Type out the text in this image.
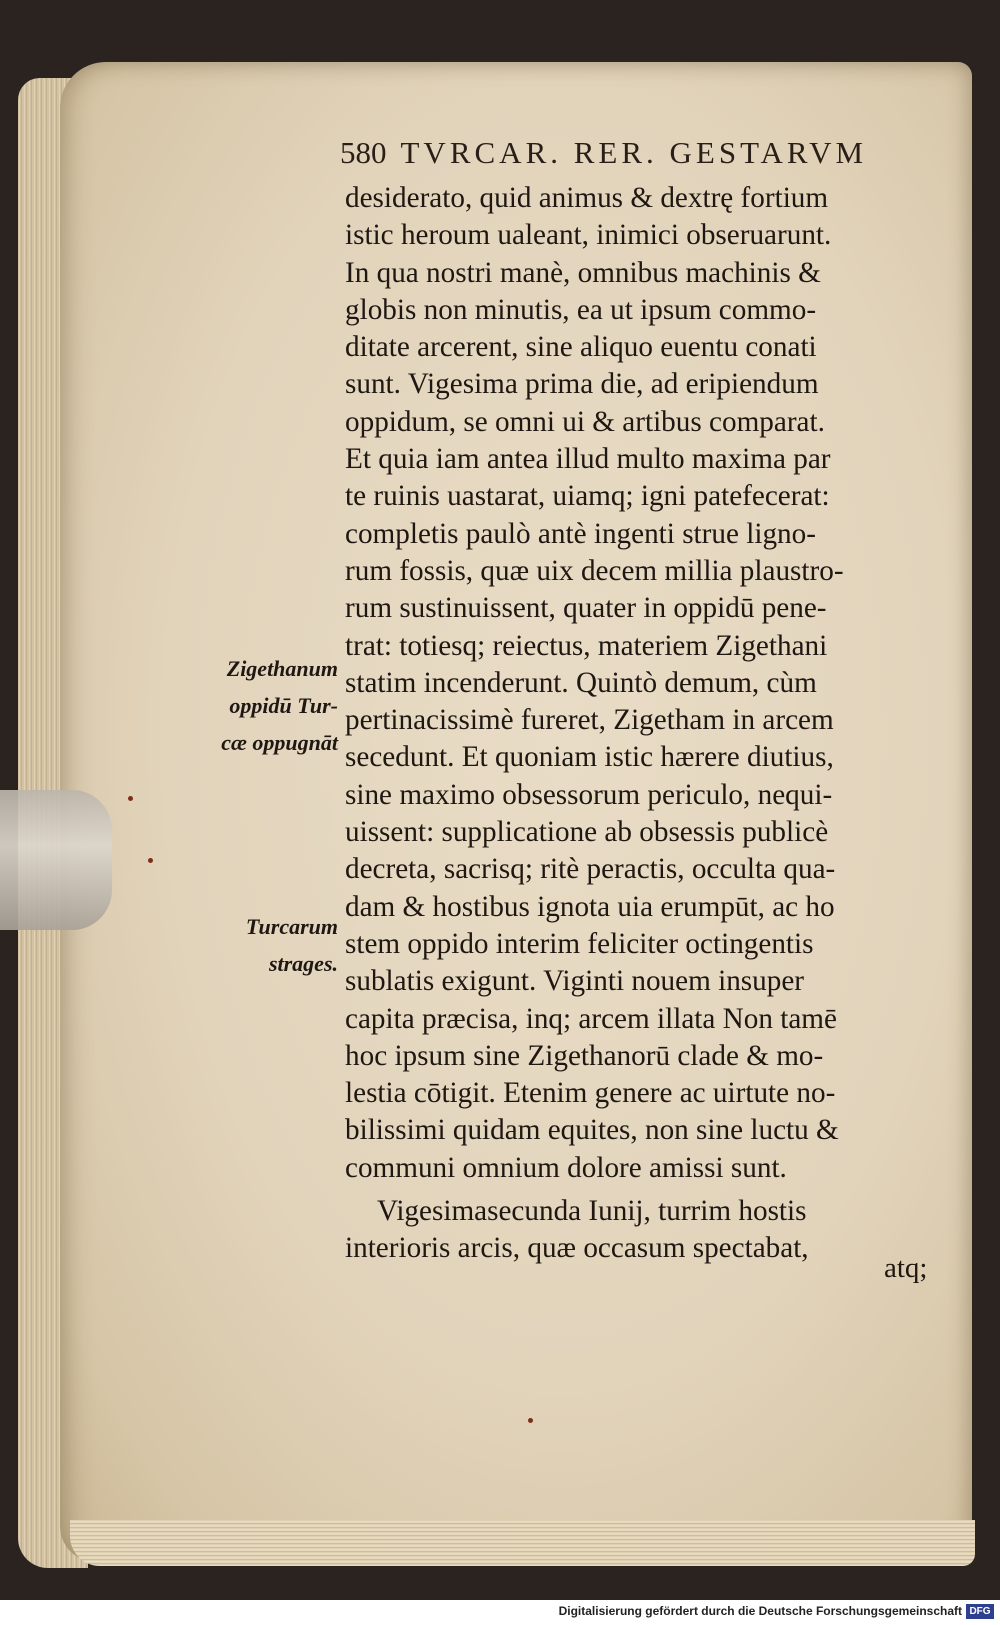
580 TVRCAR. RER. GESTARVM
Zigethanum
oppidū Tur-
cæ oppugnāt
Turcarum
strages.
desiderato, quid animus & dextrę fortium
istic heroum ualeant, inimici obseruarunt.
In qua nostri manè, omnibus machinis &
globis non minutis, ea ut ipsum commo-
ditate arcerent, sine aliquo euentu conati
sunt. Vigesima prima die, ad eripiendum
oppidum, se omni ui & artibus comparat.
Et quia iam antea illud multo maxima par
te ruinis uastarat, uiamq; igni patefecerat:
completis paulò antè ingenti strue ligno-
rum fossis, quæ uix decem millia plaustro-
rum sustinuissent, quater in oppidū pene-
trat: totiesq; reiectus, materiem Zigethani
statim incenderunt. Quintò demum, cùm
pertinacissimè fureret, Zigetham in arcem
secedunt. Et quoniam istic hærere diutius,
sine maximo obsessorum periculo, nequi-
uissent: supplicatione ab obsessis publicè
decreta, sacrisq; ritè peractis, occulta qua-
dam & hostibus ignota uia erumpūt, ac ho
stem oppido interim feliciter octingentis
sublatis exigunt. Viginti nouem insuper
capita præcisa, inq; arcem illata Non tamē
hoc ipsum sine Zigethanorū clade & mo-
lestia cōtigit. Etenim genere ac uirtute no-
bilissimi quidam equites, non sine luctu &
communi omnium dolore amissi sunt.
Vigesimasecunda Iunij, turrim hostis
interioris arcis, quæ occasum spectabat,
atq;
Digitalisierung gefördert durch die Deutsche Forschungsgemeinschaft DFG
